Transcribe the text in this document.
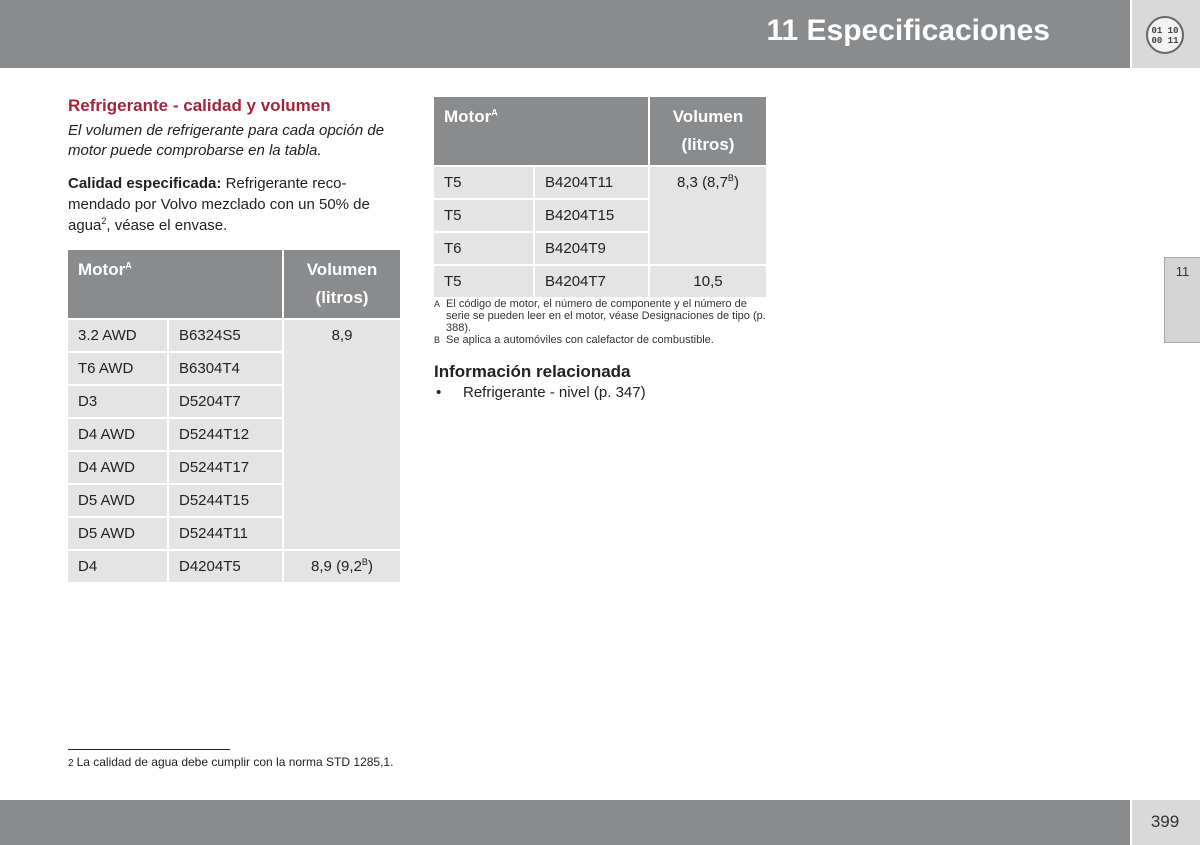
11 Especificaciones	01 10
00 11
11
Refrigerante - calidad y volumen
El volumen de refrigerante para cada opción de motor puede comprobarse en la tabla.
Calidad especificada: Refrigerante reco-mendado por Volvo mezclado con un 50% de agua$^2$, véase el envase.
Motor$^A$		Volumen
(litros)
3.2 AWD	B6324S5	8,9
T6 AWD	B6304T4	
D3	D5204T7	
D4 AWD	D5244T12	
D4 AWD	D5244T17	
D5 AWD	D5244T15	
D5 AWD	D5244T11	
D4	D4204T5	8,9 $(9,2^B)$
Motor$^A$		Volumen
(litros)
T5	B4204T11	8,3 $(8,7^B)$
T5	B4204T15	
T6	B4204T9	
T5	B4204T7	10,5
A El código de motor, el número de componente y el número de serie se pueden leer en el motor, véase Designaciones de tipo (p. 388).
B Se aplica a automóviles con calefactor de combustible.
Información relacionada
• Refrigerante - nivel (p. 347)
2 La calidad de agua debe cumplir con la norma STD 1285,1.
399
